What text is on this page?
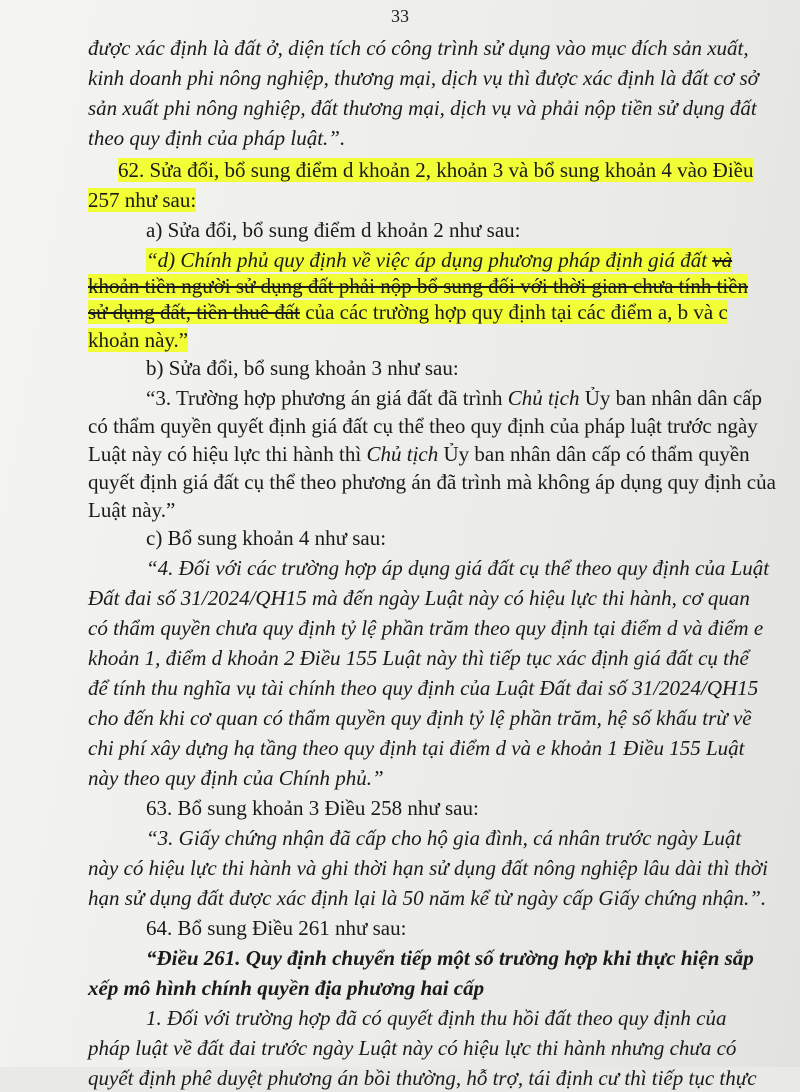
33
được xác định là đất ở, diện tích có công trình sử dụng vào mục đích sản xuất,
kinh doanh phi nông nghiệp, thương mại, dịch vụ thì được xác định là đất cơ sở
sản xuất phi nông nghiệp, đất thương mại, dịch vụ và phải nộp tiền sử dụng đất
theo quy định của pháp luật.”.
62. Sửa đổi, bổ sung điểm d khoản 2, khoản 3 và bổ sung khoản 4 vào Điều
257 như sau:
a) Sửa đổi, bổ sung điểm d khoản 2 như sau:
“d) Chính phủ quy định về việc áp dụng phương pháp định giá đất và
khoản tiền người sử dụng đất phải nộp bổ sung đối với thời gian chưa tính tiền
sử dụng đất, tiền thuê đất của các trường hợp quy định tại các điểm a, b và c
khoản này.”
b) Sửa đổi, bổ sung khoản 3 như sau:
“3. Trường hợp phương án giá đất đã trình Chủ tịch Ủy ban nhân dân cấp
có thẩm quyền quyết định giá đất cụ thể theo quy định của pháp luật trước ngày
Luật này có hiệu lực thi hành thì Chủ tịch Ủy ban nhân dân cấp có thẩm quyền
quyết định giá đất cụ thể theo phương án đã trình mà không áp dụng quy định của
Luật này.”
c) Bổ sung khoản 4 như sau:
“4. Đối với các trường hợp áp dụng giá đất cụ thể theo quy định của Luật
Đất đai số 31/2024/QH15 mà đến ngày Luật này có hiệu lực thi hành, cơ quan
có thẩm quyền chưa quy định tỷ lệ phần trăm theo quy định tại điểm d và điểm e
khoản 1, điểm d khoản 2 Điều 155 Luật này thì tiếp tục xác định giá đất cụ thể
để tính thu nghĩa vụ tài chính theo quy định của Luật Đất đai số 31/2024/QH15
cho đến khi cơ quan có thẩm quyền quy định tỷ lệ phần trăm, hệ số khấu trừ về
chi phí xây dựng hạ tầng theo quy định tại điểm d và e khoản 1 Điều 155 Luật
này theo quy định của Chính phủ.”
63. Bổ sung khoản 3 Điều 258 như sau:
“3. Giấy chứng nhận đã cấp cho hộ gia đình, cá nhân trước ngày Luật
này có hiệu lực thi hành và ghi thời hạn sử dụng đất nông nghiệp lâu dài thì thời
hạn sử dụng đất được xác định lại là 50 năm kể từ ngày cấp Giấy chứng nhận.”.
64. Bổ sung Điều 261 như sau:
“Điều 261. Quy định chuyển tiếp một số trường hợp khi thực hiện sắp
xếp mô hình chính quyền địa phương hai cấp
1. Đối với trường hợp đã có quyết định thu hồi đất theo quy định của
pháp luật về đất đai trước ngày Luật này có hiệu lực thi hành nhưng chưa có
quyết định phê duyệt phương án bồi thường, hỗ trợ, tái định cư thì tiếp tục thực
